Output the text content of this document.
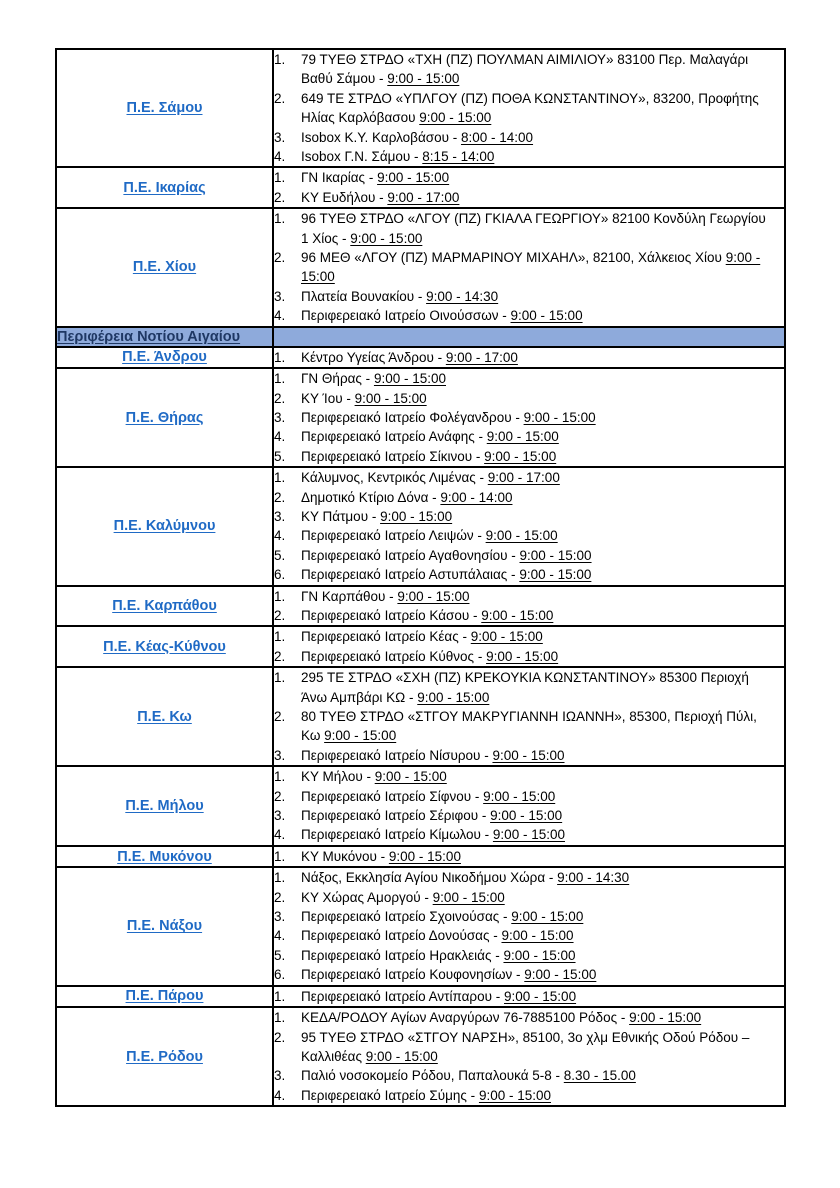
Π.Ε. Σάμου	
1.	79 ΤΥΕΘ ΣΤΡΔΟ «ΤΧΗ (ΠΖ) ΠΟΥΛΜΑΝ ΑΙΜΙΛΙΟΥ» 83100 Περ. Μαλαγάρι Βαθύ Σάμου - 9:00 - 15:00
2.	649 ΤΕ ΣΤΡΔΟ «ΥΠΛΓΟΥ (ΠΖ) ΠΟΘΑ ΚΩΝΣΤΑΝΤΙΝΟΥ», 83200, Προφήτης Ηλίας Καρλόβασου 9:00 - 15:00
3.	Isobox Κ.Υ. Καρλοβάσου - 8:00 - 14:00
4.	Isobox Γ.Ν. Σάμου - 8:15 - 14:00

Π.Ε. Ικαρίας	1. ΓΝ Ικαρίας - 9:00 - 15:00
2. ΚΥ Ευδήλου - 9:00 - 17:00

Π.Ε. Χίου	
1.	96 ΤΥΕΘ ΣΤΡΔΟ «ΛΓΟΥ (ΠΖ) ΓΚΙΑΛΑ ΓΕΩΡΓΙΟΥ» 82100 Κονδύλη Γεωργίου 1 Χίος - 9:00 - 15:00
2.	96 ΜΕΘ «ΛΓΟΥ (ΠΖ) ΜΑΡΜΑΡΙΝΟΥ ΜΙΧΑΗΛ», 82100, Χάλκειος Χίου 9:00 - 15:00
3.	Πλατεία Βουνακίου - 9:00 - 14:30
4.	Περιφερειακό Ιατρείο Οινούσσων - 9:00 - 15:00

Περιφέρεια Νοτίου Αιγαίου	
Π.Ε. Άνδρου	1. Κέντρο Υγείας Άνδρου - 9:00 - 17:00

Π.Ε. Θήρας	
1.	ΓΝ Θήρας - 9:00 - 15:00
2.	ΚΥ Ίου - 9:00 - 15:00
3.	Περιφερειακό Ιατρείο Φολέγανδρου - 9:00 - 15:00
4.	Περιφερειακό Ιατρείο Ανάφης - 9:00 - 15:00
5.	Περιφερειακό Ιατρείο Σίκινου - 9:00 - 15:00

Π.Ε. Καλύμνου	
1.	Κάλυμνος, Κεντρικός Λιμένας - 9:00 - 17:00
2.	Δημοτικό Κτίριο Δόνα - 9:00 - 14:00
3.	ΚΥ Πάτμου - 9:00 - 15:00
4.	Περιφερειακό Ιατρείο Λειψών - 9:00 - 15:00
5.	Περιφερειακό Ιατρείο Αγαθονησίου - 9:00 - 15:00
6.	Περιφερειακό Ιατρείο Αστυπάλαιας - 9:00 - 15:00

Π.Ε. Καρπάθου	1. ΓΝ Καρπάθου - 9:00 - 15:00
2. Περιφερειακό Ιατρείο Κάσου - 9:00 - 15:00

Π.Ε. Κέας-Κύθνου	1. Περιφερειακό Ιατρείο Κέας - 9:00 - 15:00
2. Περιφερειακό Ιατρείο Κύθνος - 9:00 - 15:00

Π.Ε. Κω	
1.	295 ΤΕ ΣΤΡΔΟ «ΣΧΗ (ΠΖ) ΚΡΕΚΟΥΚΙΑ ΚΩΝΣΤΑΝΤΙΝΟΥ» 85300 Περιοχή Άνω Αμπβάρι ΚΩ - 9:00 - 15:00
2.	80 ΤΥΕΘ ΣΤΡΔΟ «ΣΤΓΟΥ ΜΑΚΡΥΓΙΑΝΝΗ ΙΩΑΝΝΗ», 85300, Περιοχή Πύλι, Κω 9:00 - 15:00
3.	Περιφερειακό Ιατρείο Νίσυρου - 9:00 - 15:00

Π.Ε. Μήλου	
1.	ΚΥ Μήλου - 9:00 - 15:00
2.	Περιφερειακό Ιατρείο Σίφνου - 9:00 - 15:00
3.	Περιφερειακό Ιατρείο Σέριφου - 9:00 - 15:00
4.	Περιφερειακό Ιατρείο Κίμωλου - 9:00 - 15:00

Π.Ε. Μυκόνου	1. ΚΥ Μυκόνου - 9:00 - 15:00

Π.Ε. Νάξου	
1.	Νάξος, Εκκλησία Αγίου Νικοδήμου Χώρα - 9:00 - 14:30
2.	ΚΥ Χώρας Αμοργού - 9:00 - 15:00
3.	Περιφερειακό Ιατρείο Σχοινούσας - 9:00 - 15:00
4.	Περιφερειακό Ιατρείο Δονούσας - 9:00 - 15:00
5.	Περιφερειακό Ιατρείο Ηρακλειάς - 9:00 - 15:00
6.	Περιφερειακό Ιατρείο Κουφονησίων - 9:00 - 15:00

Π.Ε. Πάρου	1. Περιφερειακό Ιατρείο Αντίπαρου - 9:00 - 15:00

Π.Ε. Ρόδου	
1.	ΚΕΔΑ/ΡΟΔΟΥ Αγίων Αναργύρων 76-7885100 Ρόδος - 9:00 - 15:00
2.	95 ΤΥΕΘ ΣΤΡΔΟ «ΣΤΓΟΥ ΝΑΡΣΗ», 85100, 3ο χλμ Εθνικής Οδού Ρόδου – Καλλιθέας 9:00 - 15:00
3.	Παλιό νοσοκομείο Ρόδου, Παπαλουκά 5-8 - 8.30 - 15.00
4.	Περιφερειακό Ιατρείο Σύμης - 9:00 - 15:00
